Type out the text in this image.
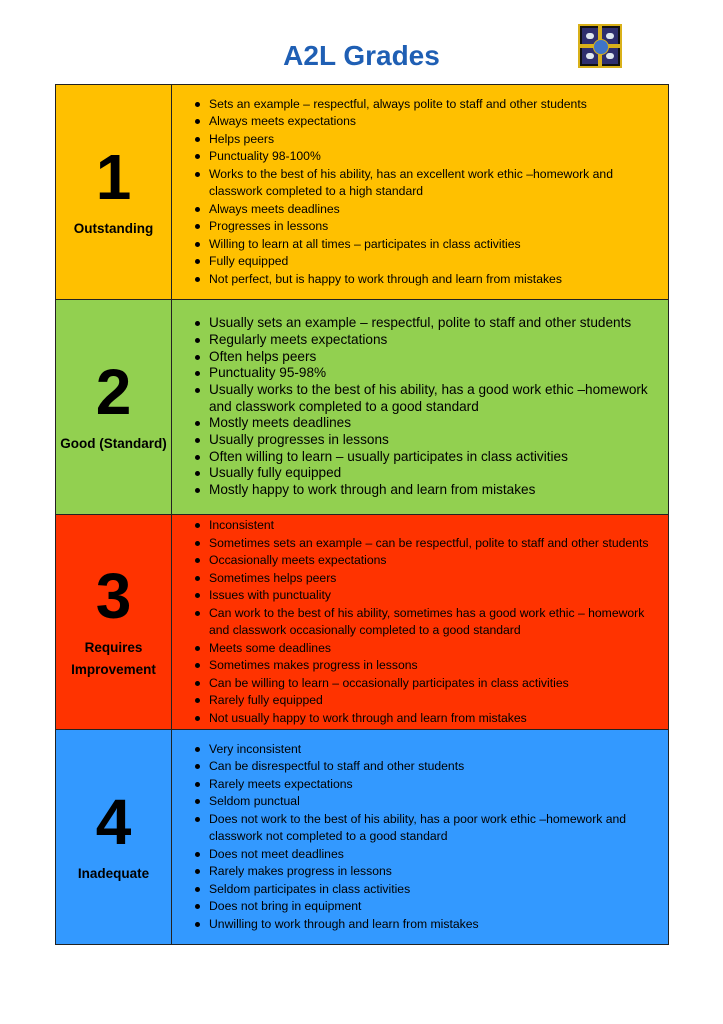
A2L Grades
1
Outstanding
Sets an example – respectful, always polite to staff and other students
Always meets expectations
Helps peers
Punctuality 98-100%
Works to the best of his ability, has an excellent work ethic –homework and classwork completed to a high standard
Always meets deadlines
Progresses in lessons
Willing to learn at all times – participates in class activities
Fully equipped
Not perfect, but is happy to work through and learn from mistakes
2
Good (Standard)
Usually sets an example – respectful, polite to staff and other students
Regularly meets expectations
Often helps peers
Punctuality 95-98%
Usually works to the best of his ability, has a good work ethic –homework and classwork completed to a good standard
Mostly meets deadlines
Usually progresses in lessons
Often willing to learn – usually participates in class activities
Usually fully equipped
Mostly happy to work through and learn from mistakes
3
Requires Improvement
Inconsistent
Sometimes sets an example – can be respectful, polite to staff and other students
Occasionally meets expectations
Sometimes helps peers
Issues with punctuality
Can work to the best of his ability, sometimes has a good work ethic – homework and classwork occasionally completed to a good standard
Meets some deadlines
Sometimes makes progress in lessons
Can be willing to learn – occasionally participates in class activities
Rarely fully equipped
Not usually happy to work through and learn from mistakes
4
Inadequate
Very inconsistent
Can be disrespectful to staff and other students
Rarely meets expectations
Seldom punctual
Does not work to the best of his ability, has a poor work ethic –homework and classwork not completed to a good standard
Does not meet deadlines
Rarely makes progress in lessons
Seldom participates in class activities
Does not bring in equipment
Unwilling to work through and learn from mistakes
